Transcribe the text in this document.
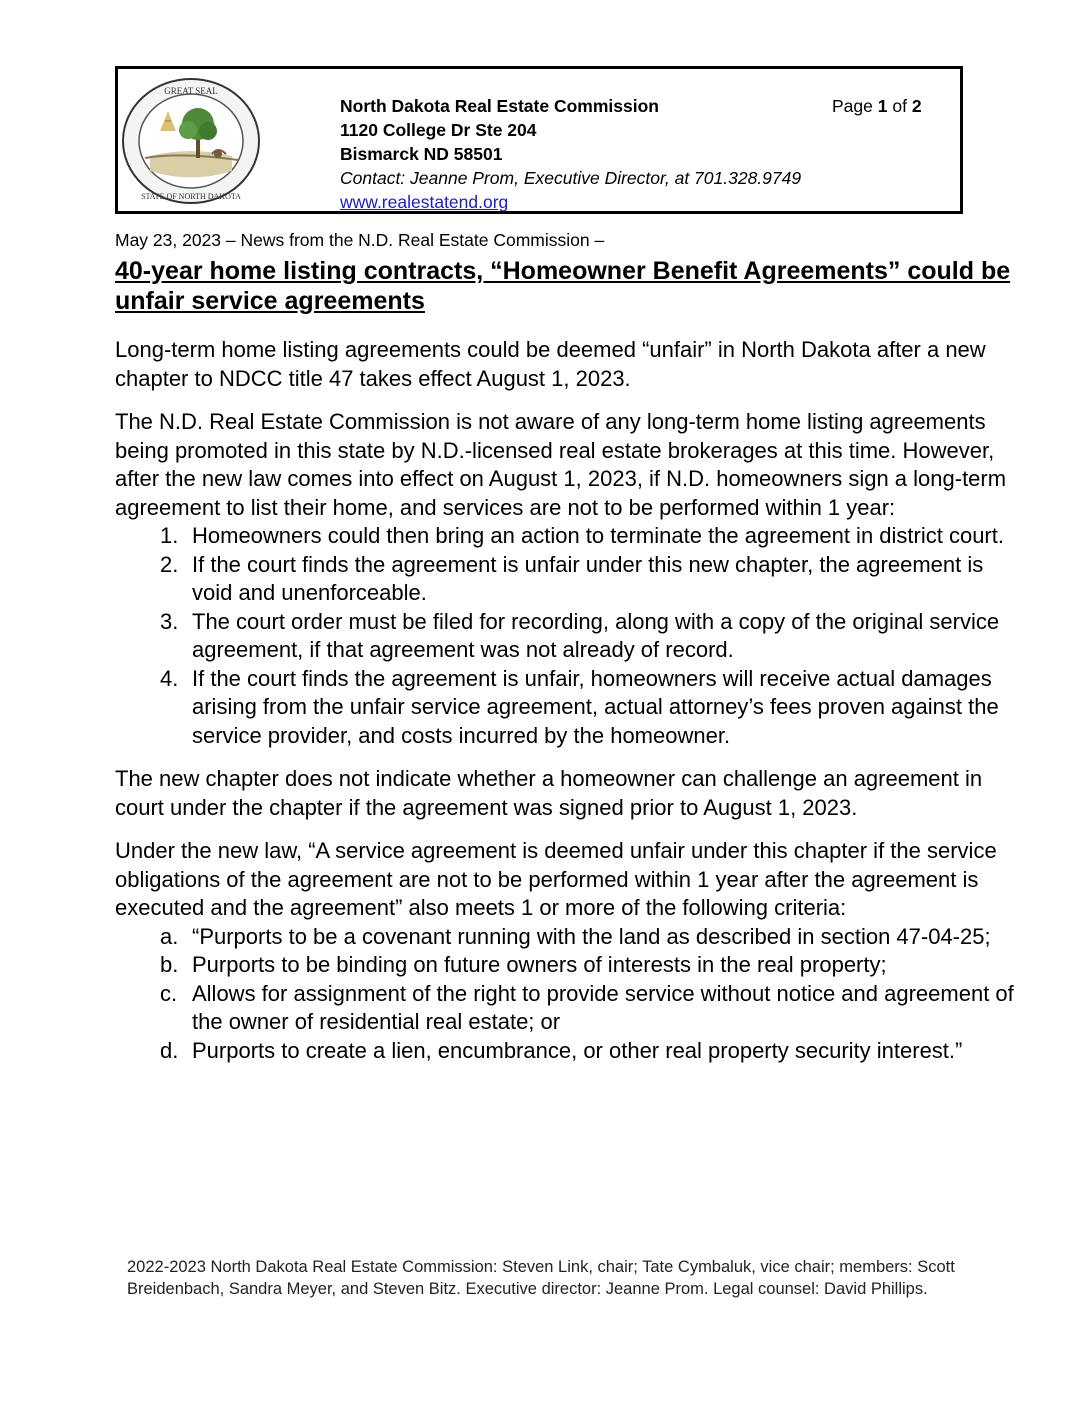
GREAT SEAL
STATE OF NORTH DAKOTA
North Dakota Real Estate Commission
1120 College Dr Ste 204
Bismarck ND 58501
Contact: Jeanne Prom, Executive Director, at 701.328.9749
www.realestatend.org
Page 1 of 2
May 23, 2023 – News from the N.D. Real Estate Commission –
40-year home listing contracts, “Homeowner Benefit Agreements” could be unfair service agreements

Long-term home listing agreements could be deemed “unfair” in North Dakota after a new chapter to NDCC title 47 takes effect August 1, 2023.

The N.D. Real Estate Commission is not aware of any long-term home listing agreements being promoted in this state by N.D.-licensed real estate brokerages at this time. However, after the new law comes into effect on August 1, 2023, if N.D. homeowners sign a long-term agreement to list their home, and services are not to be performed within 1 year:

1. Homeowners could then bring an action to terminate the agreement in district court.
2. If the court finds the agreement is unfair under this new chapter, the agreement is void and unenforceable.
3. The court order must be filed for recording, along with a copy of the original service agreement, if that agreement was not already of record.
4. If the court finds the agreement is unfair, homeowners will receive actual damages arising from the unfair service agreement, actual attorney’s fees proven against the service provider, and costs incurred by the homeowner.

The new chapter does not indicate whether a homeowner can challenge an agreement in court under the chapter if the agreement was signed prior to August 1, 2023.

Under the new law, “A service agreement is deemed unfair under this chapter if the service obligations of the agreement are not to be performed within 1 year after the agreement is executed and the agreement” also meets 1 or more of the following criteria:

a. “Purports to be a covenant running with the land as described in section 47-04-25;
b. Purports to be binding on future owners of interests in the real property;
c. Allows for assignment of the right to provide service without notice and agreement of the owner of residential real estate; or
d. Purports to create a lien, encumbrance, or other real property security interest.”
2022-2023 North Dakota Real Estate Commission: Steven Link, chair; Tate Cymbaluk, vice chair; members: Scott Breidenbach, Sandra Meyer, and Steven Bitz. Executive director: Jeanne Prom. Legal counsel: David Phillips.
